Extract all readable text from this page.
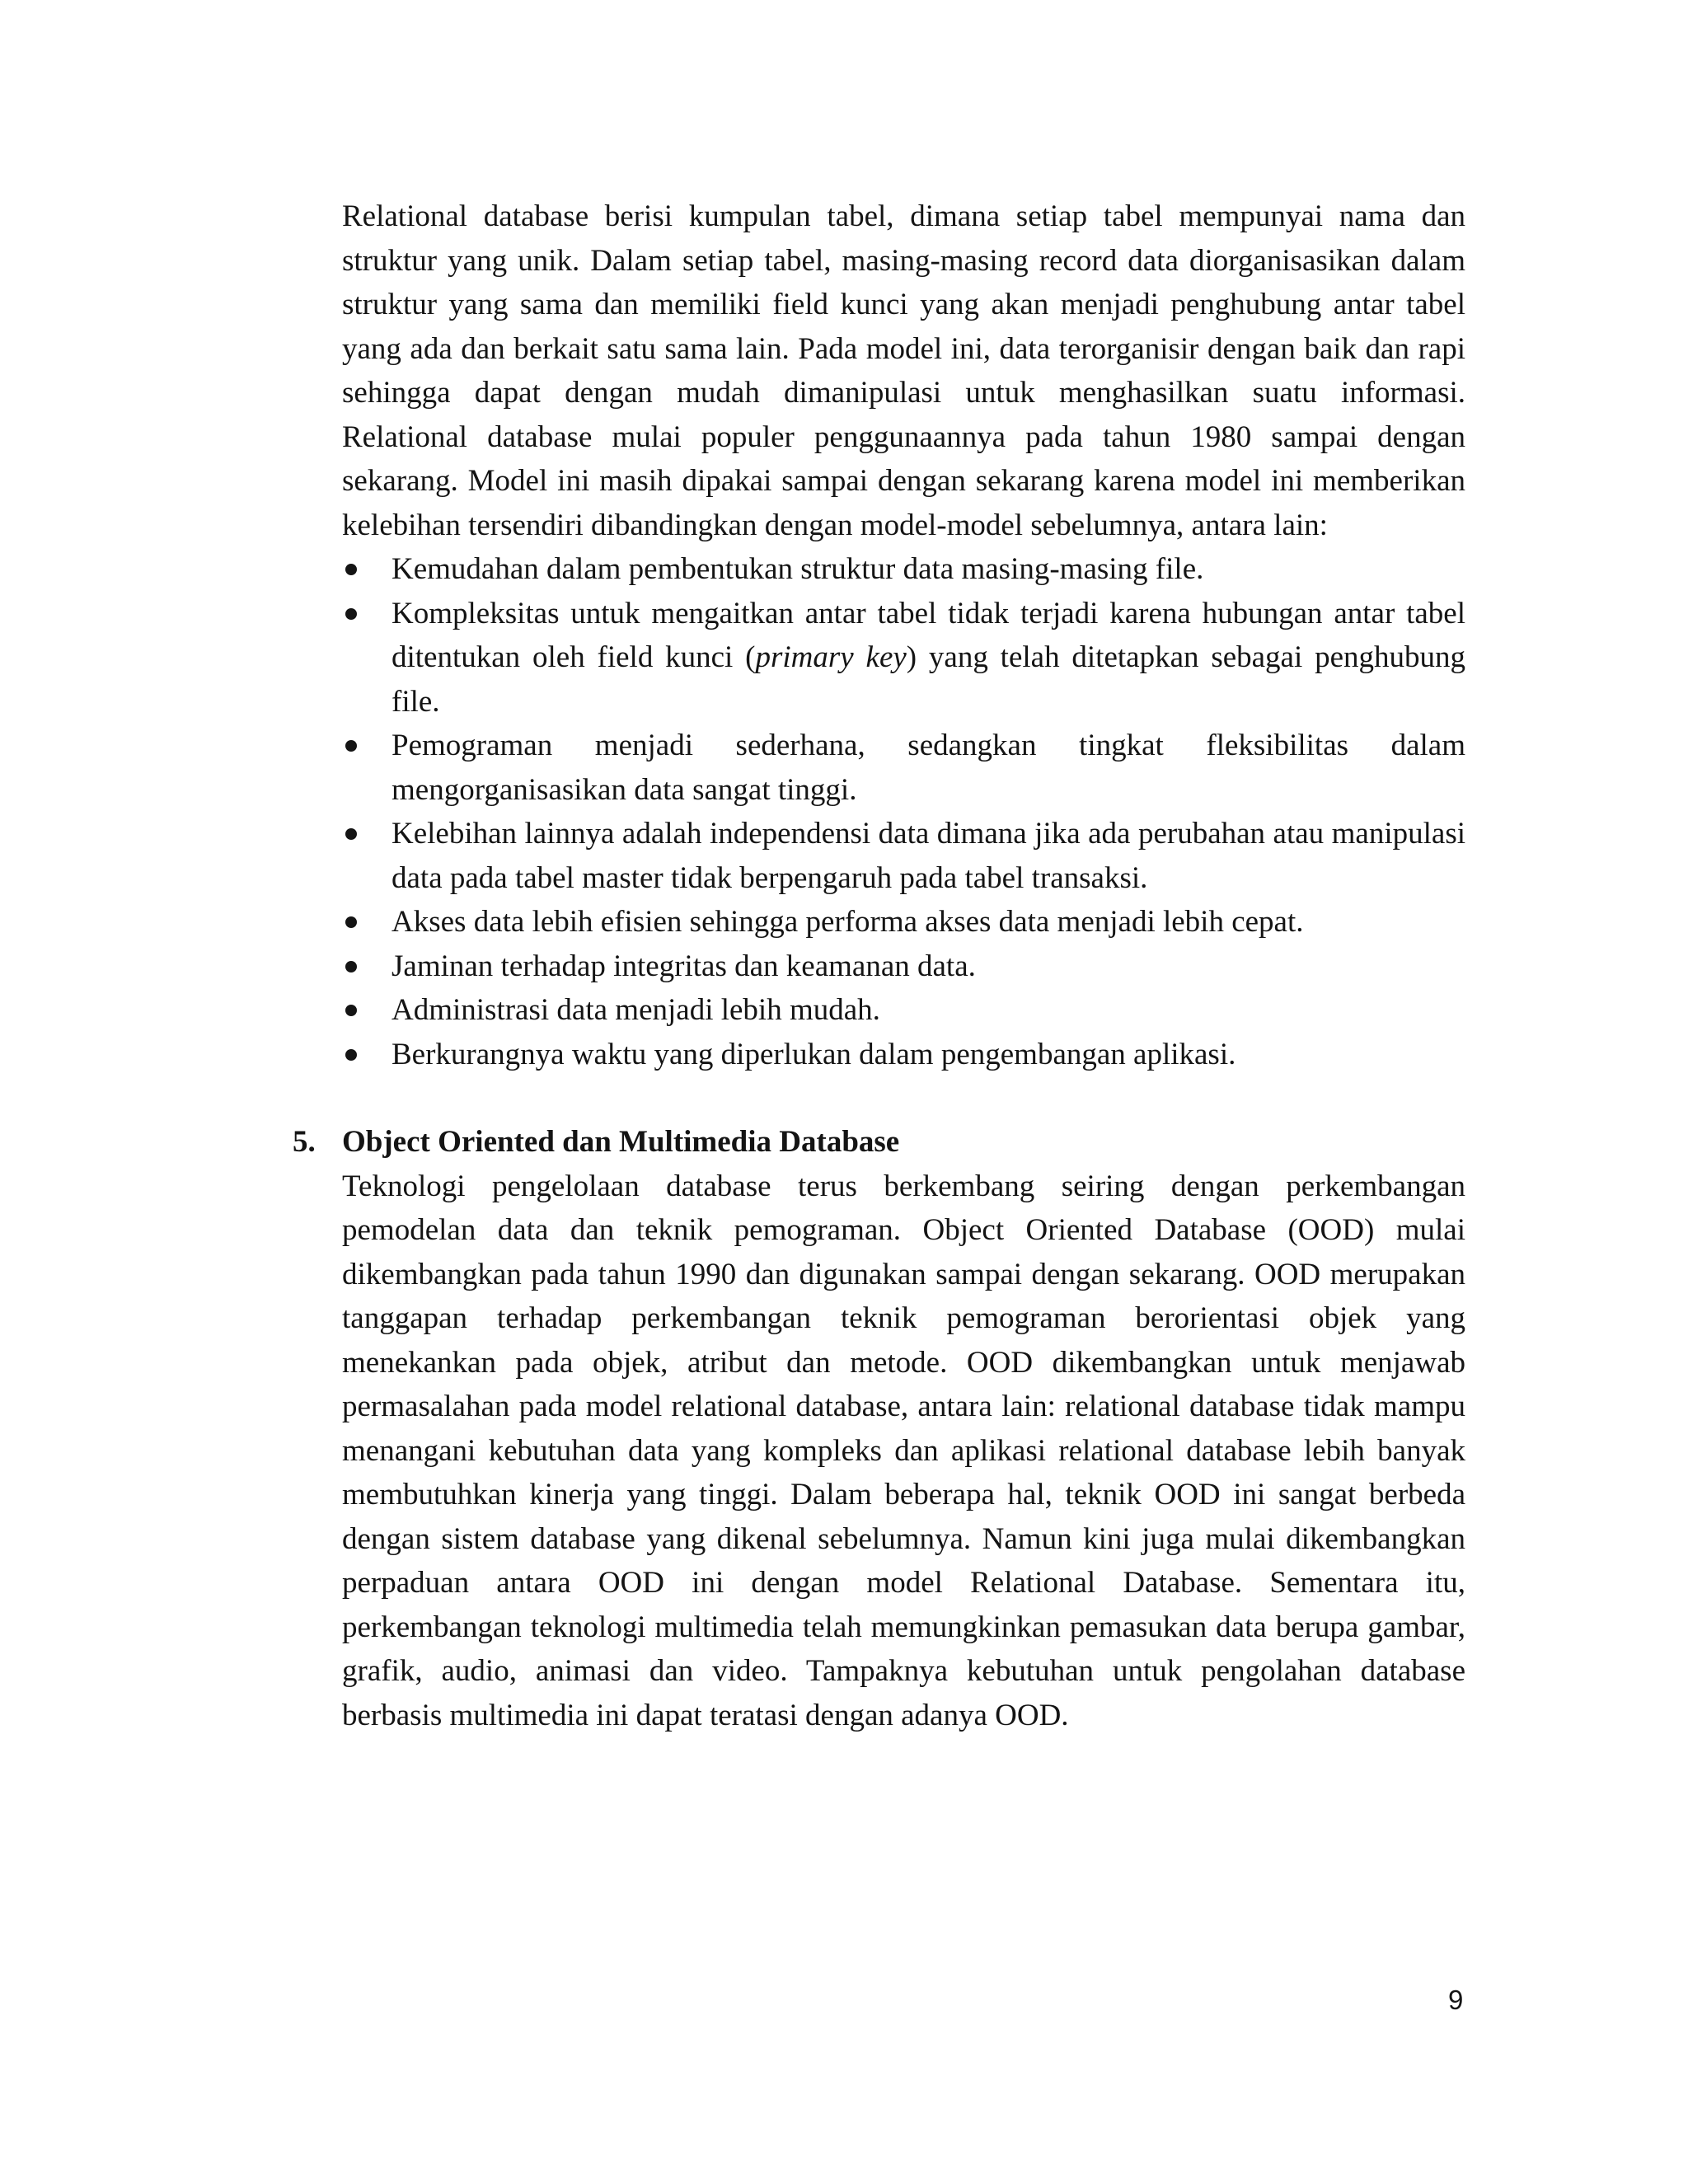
Relational database berisi kumpulan tabel, dimana setiap tabel mempunyai nama dan struktur yang unik. Dalam setiap tabel, masing-masing record data diorganisasikan dalam struktur yang sama dan memiliki field kunci yang akan menjadi penghubung antar tabel yang ada dan berkait satu sama lain. Pada model ini, data terorganisir dengan baik dan rapi sehingga dapat dengan mudah dimanipulasi untuk menghasilkan suatu informasi. Relational database mulai populer penggunaannya pada tahun 1980 sampai dengan sekarang. Model ini masih dipakai sampai dengan sekarang karena model ini memberikan kelebihan tersendiri dibandingkan dengan model-model sebelumnya, antara lain:

Kemudahan dalam pembentukan struktur data masing-masing file.
Kompleksitas untuk mengaitkan antar tabel tidak terjadi karena hubungan antar tabel ditentukan oleh field kunci (primary key) yang telah ditetapkan sebagai penghubung file.
Pemograman menjadi sederhana, sedangkan tingkat fleksibilitas dalam mengorganisasikan data sangat tinggi.
Kelebihan lainnya adalah independensi data dimana jika ada perubahan atau manipulasi data pada tabel master tidak berpengaruh pada tabel transaksi.
Akses data lebih efisien sehingga performa akses data menjadi lebih cepat.
Jaminan terhadap integritas dan keamanan data.
Administrasi data menjadi lebih mudah.
Berkurangnya waktu yang diperlukan dalam pengembangan aplikasi.
5. Object Oriented dan Multimedia Database

Teknologi pengelolaan database terus berkembang seiring dengan perkembangan pemodelan data dan teknik pemograman. Object Oriented Database (OOD) mulai dikembangkan pada tahun 1990 dan digunakan sampai dengan sekarang. OOD merupakan tanggapan terhadap perkembangan teknik pemograman berorientasi objek yang menekankan pada objek, atribut dan metode. OOD dikembangkan untuk menjawab permasalahan pada model relational database, antara lain: relational database tidak mampu menangani kebutuhan data yang kompleks dan aplikasi relational database lebih banyak membutuhkan kinerja yang tinggi. Dalam beberapa hal, teknik OOD ini sangat berbeda dengan sistem database yang dikenal sebelumnya. Namun kini juga mulai dikembangkan perpaduan antara OOD ini dengan model Relational Database. Sementara itu, perkembangan teknologi multimedia telah memungkinkan pemasukan data berupa gambar, grafik, audio, animasi dan video. Tampaknya kebutuhan untuk pengolahan database berbasis multimedia ini dapat teratasi dengan adanya OOD.

9
